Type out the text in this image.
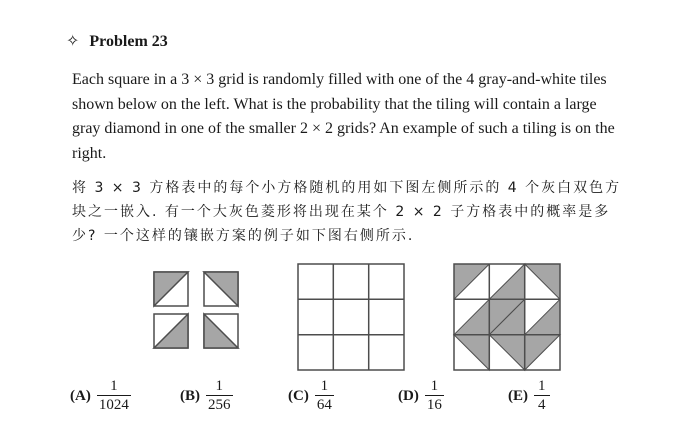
✧ Problem 23

Each square in a 3 × 3 grid is randomly filled with one of the 4 gray-and-white tiles shown below on the left. What is the probability that the tiling will contain a large gray diamond in one of the smaller 2 × 2 grids? An example of such a tiling is on the right.

将 3 × 3 方格表中的每个小方格随机的用如下图左侧所示的 4 个灰白双色方块之一嵌入. 有一个大灰色菱形将出现在某个 2 × 2 子方格表中的概率是多少? 一个这样的镶嵌方案的例子如下图右侧所示.

$(A) \frac{1}{1024}$	$(B) \frac{1}{256}$	$(C) \frac{1}{64}$	$(D) \frac{1}{16}$	$(E) \frac{1}{4}$
